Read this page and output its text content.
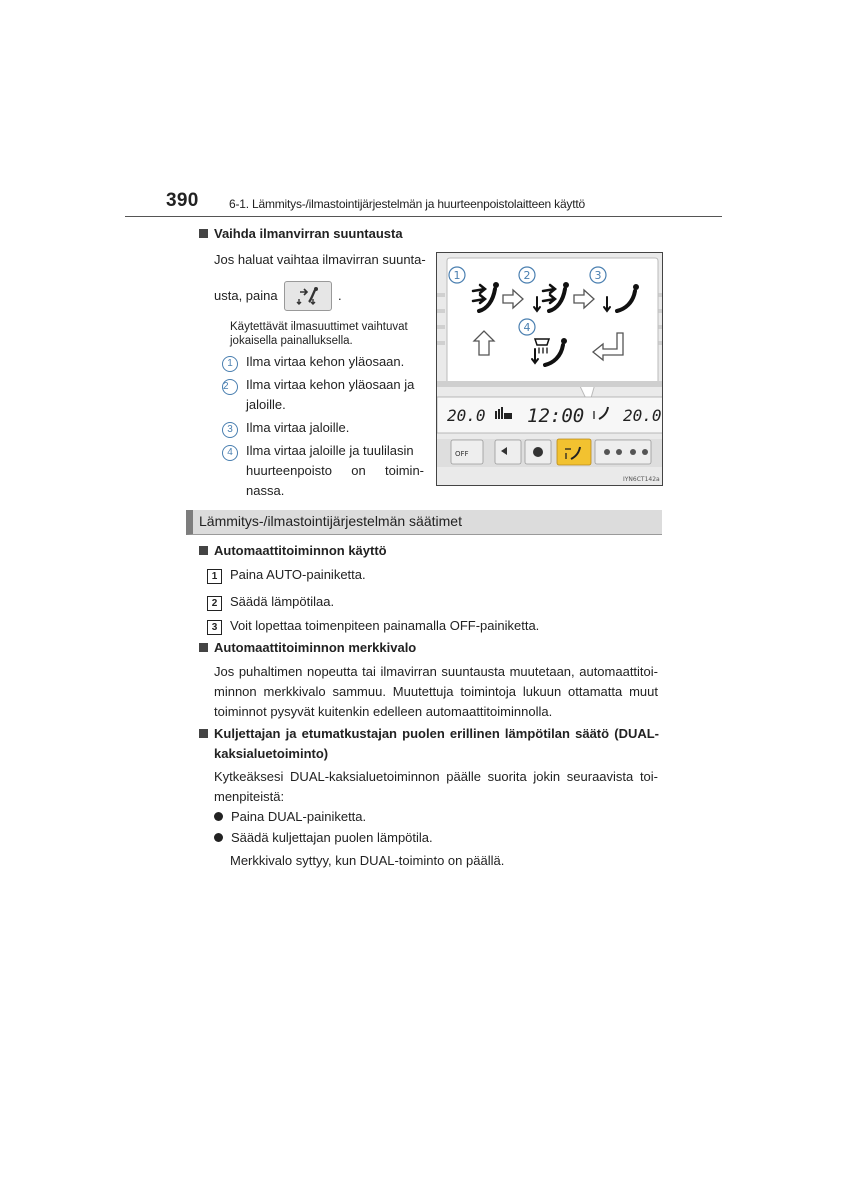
390	6-1. Lämmitys-/ilmastointijärjestelmän ja huurteenpoistolaitteen käyttö
Vaihda ilmanvirran suuntausta
Jos haluat vaihtaa ilmavirran suunta-
usta, paina	.
Käytettävät ilmasuuttimet vaihtuvat
jokaisella painalluksella.
1 Ilma virtaa kehon yläosaan.
2 Ilma virtaa kehon yläosaan ja
jaloille.
3 Ilma virtaa jaloille.
4 Ilma virtaa jaloille ja tuulilasin
huurteenpoisto on toimin-
nassa.
1	2	3
4
20.0 12:00 20.0
OFF
IYN6CT142a
Lämmitys-/ilmastointijärjestelmän säätimet
Automaattitoiminnon käyttö
1 Paina AUTO-painiketta.
2 Säädä lämpötilaa.
3 Voit lopettaa toimenpiteen painamalla OFF-painiketta.
Automaattitoiminnon merkkivalo
Jos puhaltimen nopeutta tai ilmavirran suuntausta muutetaan, automaattitoi-
minnon merkkivalo sammuu. Muutettuja toimintoja lukuun ottamatta muut
toiminnot pysyvät kuitenkin edelleen automaattitoiminnolla.
Kuljettajan ja etumatkustajan puolen erillinen lämpötilan säätö (DUAL-
kaksialuetoiminto)
Kytkeäksesi DUAL-kaksialuetoiminnon päälle suorita jokin seuraavista toi-
menpiteistä:
Paina DUAL-painiketta.
Säädä kuljettajan puolen lämpötila.
Merkkivalo syttyy, kun DUAL-toiminto on päällä.
